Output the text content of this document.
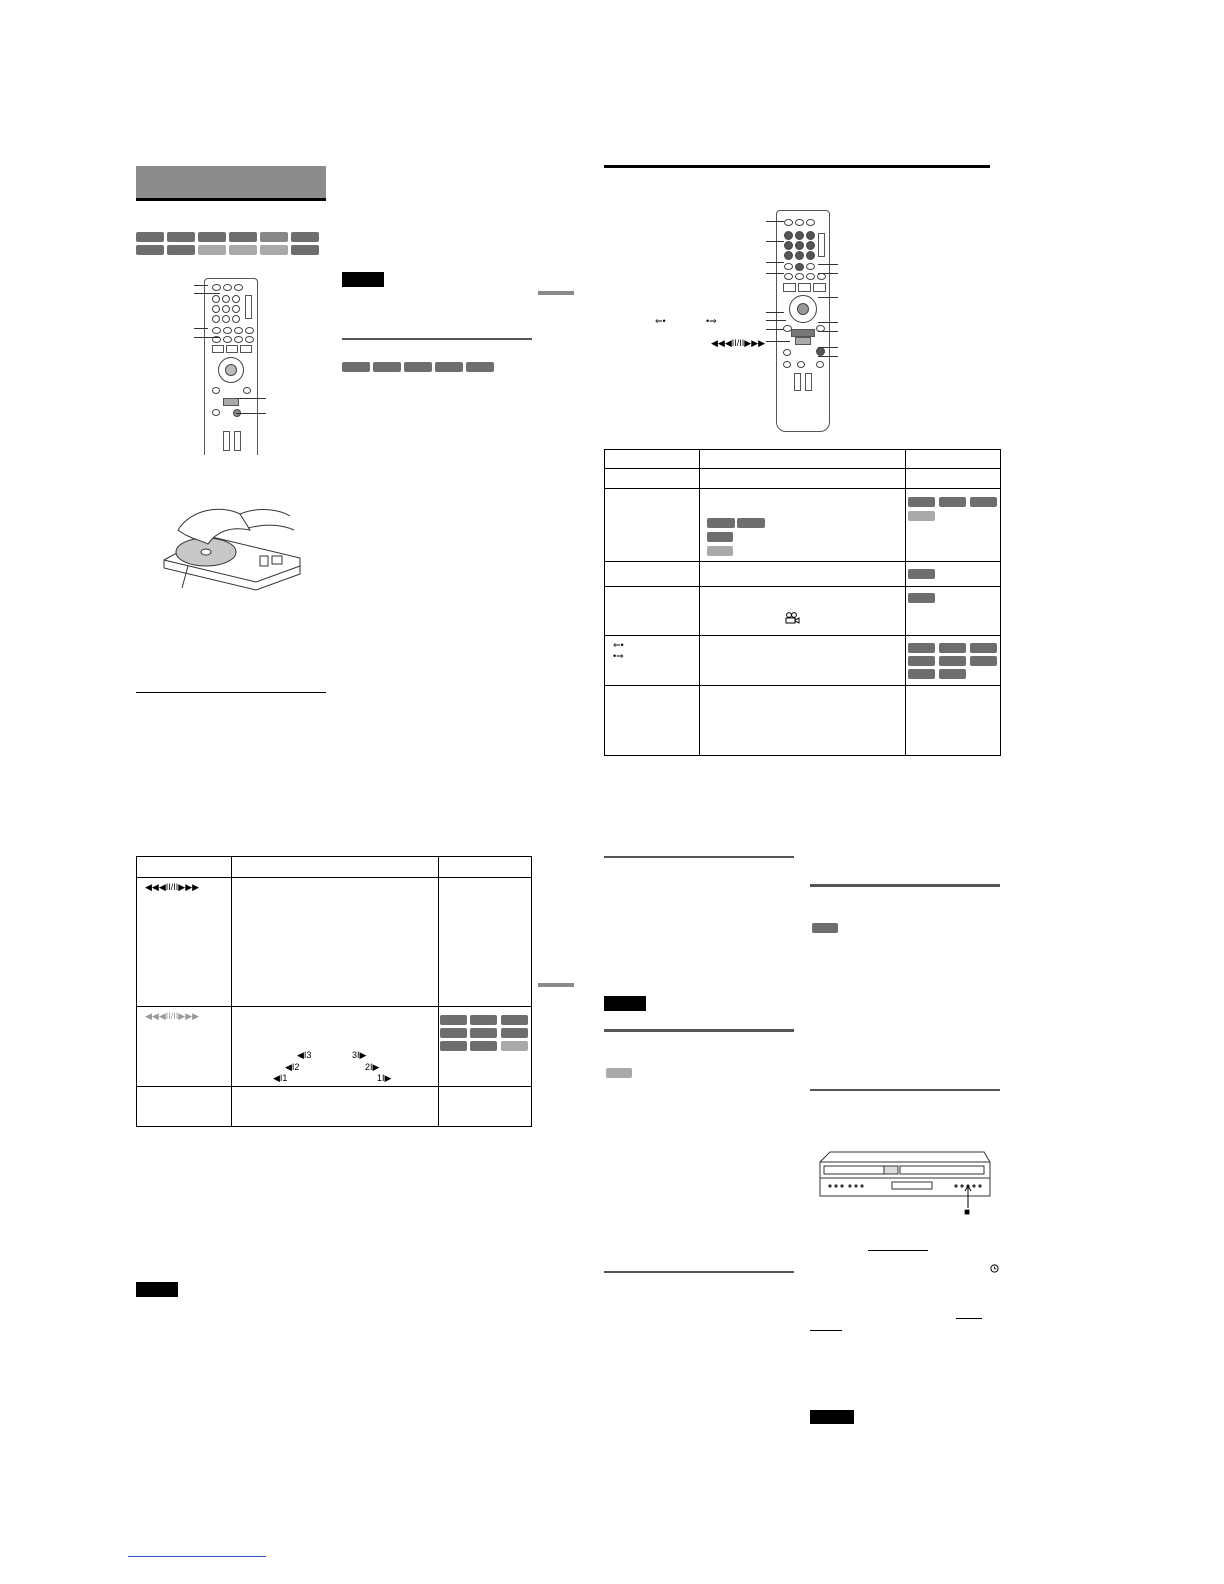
◀◀◀II/II▶▶▶
◀◀◀II/II▶▶▶
◀I3
◀I2
◀I1
3I▶
2I▶
1I▶
⇐•	•⇒
◀◀◀II/II▶▶▶
⇐•
•⇒
■
